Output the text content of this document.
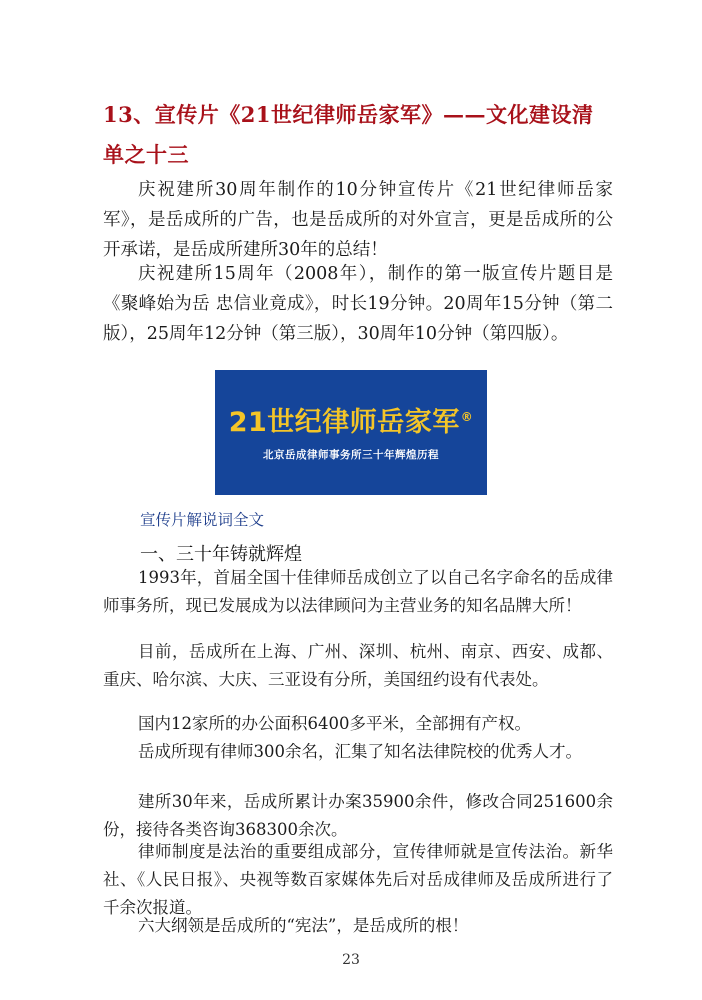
13、宣传片《21世纪律师岳家军》——文化建设清单之十三

庆祝建所30周年制作的10分钟宣传片《21世纪律师岳家军》，是岳成所的广告，也是岳成所的对外宣言，更是岳成所的公开承诺，是岳成所建所30年的总结！

庆祝建所15周年（2008年），制作的第一版宣传片题目是《聚峰始为岳 忠信业竟成》，时长19分钟。20周年15分钟（第二版），25周年12分钟（第三版），30周年10分钟（第四版）。

21世纪律师岳家军®
北京岳成律师事务所三十年辉煌历程
宣传片解说词全文
一、三十年铸就辉煌

1993年，首届全国十佳律师岳成创立了以自己名字命名的岳成律师事务所，现已发展成为以法律顾问为主营业务的知名品牌大所！

目前，岳成所在上海、广州、深圳、杭州、南京、西安、成都、重庆、哈尔滨、大庆、三亚设有分所，美国纽约设有代表处。

国内12家所的办公面积6400多平米，全部拥有产权。

岳成所现有律师300余名，汇集了知名法律院校的优秀人才。

建所30年来，岳成所累计办案35900余件，修改合同251600余份，接待各类咨询368300余次。

律师制度是法治的重要组成部分，宣传律师就是宣传法治。新华社、《人民日报》、央视等数百家媒体先后对岳成律师及岳成所进行了千余次报道。

六大纲领是岳成所的“宪法”，是岳成所的根！

23
